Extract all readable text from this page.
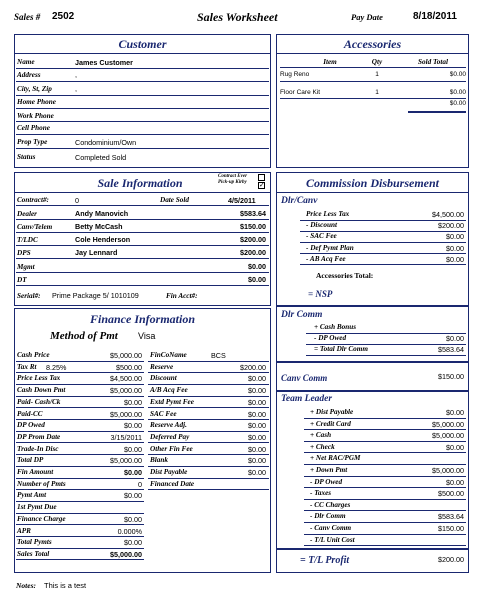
Sales # 2502	Sales Worksheet	Pay Date	8/18/2011
Customer
Name	James Customer
Address	,
City, St, Zip	,
Home Phone
Work Phone
Cell Phone
Prop Type	Condominium/Own
Status	Completed Sold
Accessories
Item	Qty	Sold Total
Rug Reno	1	$0.00
Floor Care Kit	1	$0.00
$0.00
Sale Information	Contract Ever
Pick-up Kirby ✓
Contract#:	0	Date Sold	4/5/2011
Dealer	Andy Manovich	$583.64
Canv/Telem	Betty McCash	$150.00
T/LDC	Cole Henderson	$200.00
DPS	Jay Lennard	$200.00
Mgmt	$0.00
DT	$0.00
Serial#: Prime Package 5/ 1010109	Fin Acct#:
Finance Information
Method of Pmt Visa
Cash Price	$5,000.00
Tax Rt 8.25%	$500.00
Price Less Tax	$4,500.00
Cash Down Pmt	$5,000.00
Paid- Cash/Ck	$0.00
Paid-CC	$5,000.00
DP Owed	$0.00
DP Prom Date	3/15/2011
Trade-In Disc	$0.00
Total DP	$5,000.00
Fin Amount	$0.00
Number of Pmts	0
Pymt Amt	$0.00
1st Pymt Due
Finance Charge	$0.00
APR	0.000%
Total Pymts	$0.00
Sales Total	$5,000.00
FinCoName	BCS
Reserve	$200.00
Discount	$0.00
A/B Acq Fee	$0.00
Extd Pymt Fee	$0.00
SAC Fee	$0.00
Reserve Adj.	$0.00
Deferred Pay	$0.00
Other Fin Fee	$0.00
Blank	$0.00
Dist Payable	$0.00
Financed Date
Commission Disbursement
Dlr/Canv
Price Less Tax	$4,500.00
- Discount	$200.00
- SAC Fee	$0.00
- Def Pymt Plan	$0.00
- AB Acq Fee	$0.00
Accessories Total:
= NSP
Dlr Comm
+ Cash Bonus
- DP Owed	$0.00
= Total Dlr Comm	$583.64
Canv Comm	$150.00
Team Leader
+ Dist Payable	$0.00
+ Credit Card	$5,000.00
+ Cash	$5,000.00
+ Check	$0.00
+ Net RAC/PGM
+ Down Pmt	$5,000.00
- DP Owed	$0.00
- Taxes	$500.00
- CC Charges
- Dlr Comm	$583.64
- Canv Comm	$150.00
- T/L Unit Cost
= T/L Profit	$200.00
Notes: This is a test
